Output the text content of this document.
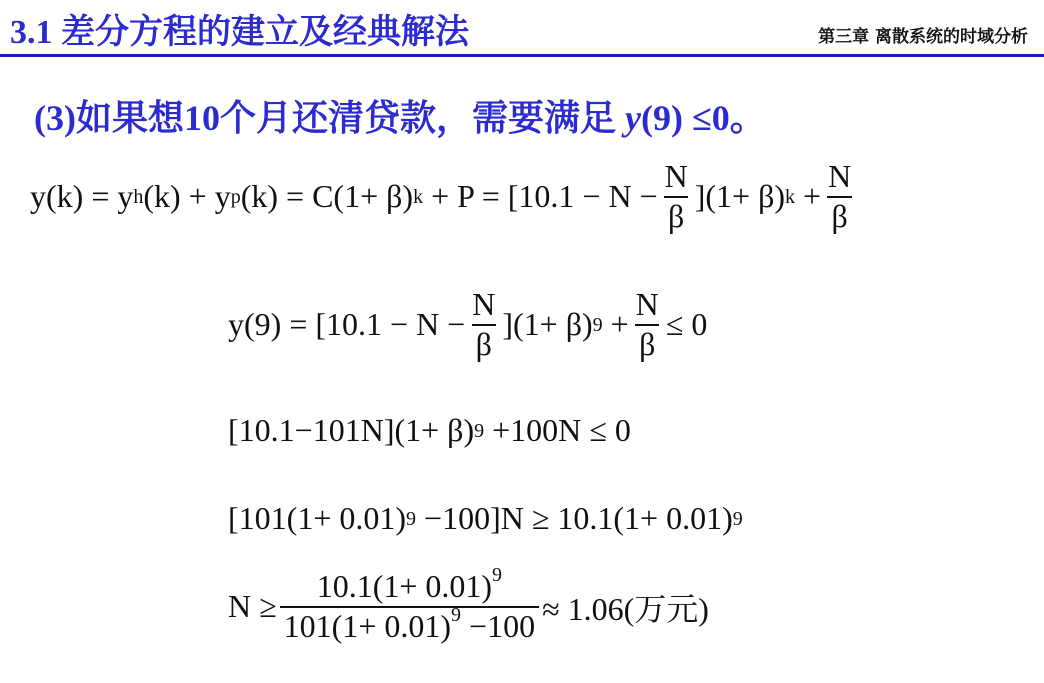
3.1 差分方程的建立及经典解法	第三章 离散系统的时域分析
(3)如果想10个月还清贷款，需要满足 y(9) ≤0。
y(k) = y h (k) + y p (k) = C(1+ β) $k + P = [10.1 - N - \frac{N}{\beta} ](1+ \beta) k + \frac{N}{\beta}$
$y(9) = [10.1 - N - \frac{N}{\beta} ](1+ \beta) 9 + \frac{N}{\beta} \le 0$
[10.1−101N](1+ β) 9 +100N ≤ 0
[101(1+ 0.01) 9 −100]N ≥ 10.1(1+ 0.01) 9
$N \ge \frac{10.1(1+ 0.01)^9}{101(1+ 0.01)^9 -100} \approx 1.06$(万元)
